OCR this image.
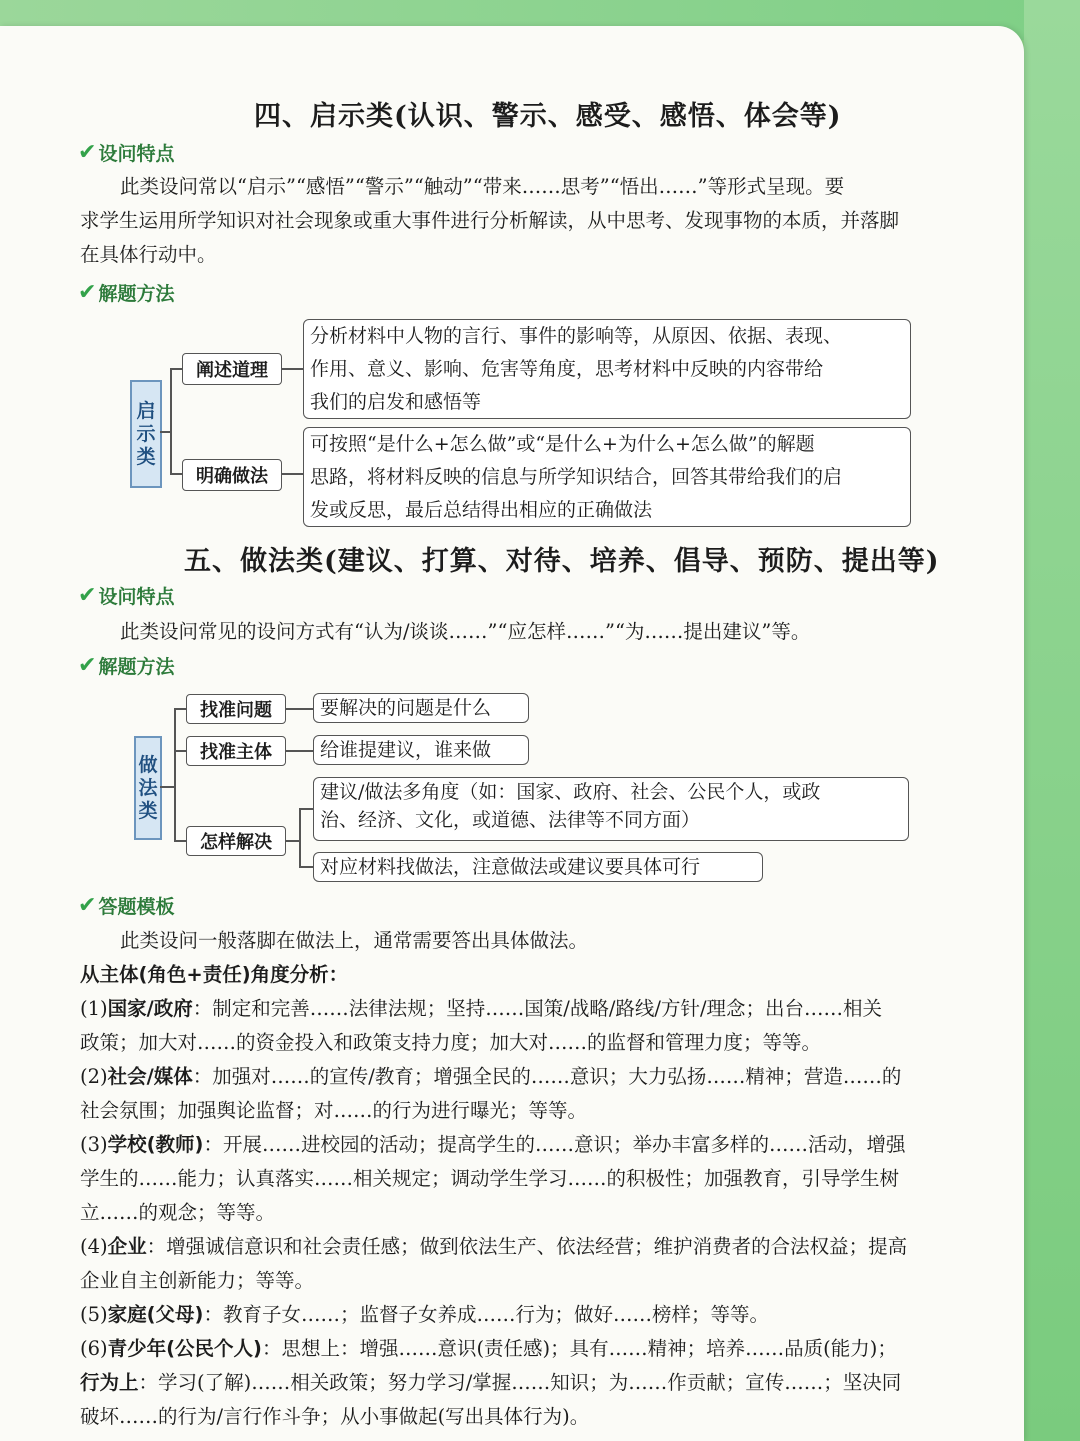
四、启示类(认识、警示、感受、感悟、体会等)
✔ 设问特点
此类设问常以“启示”“感悟”“警示”“触动”“带来……思考”“悟出……”等形式呈现。要
求学生运用所学知识对社会现象或重大事件进行分析解读，从中思考、发现事物的本质，并落脚
在具体行动中。
✔ 解题方法
启
示
类
阐述道理
分析材料中人物的言行、事件的影响等，从原因、依据、表现、
作用、意义、影响、危害等角度，思考材料中反映的内容带给
我们的启发和感悟等
明确做法
可按照“是什么+怎么做”或“是什么+为什么+怎么做”的解题
思路，将材料反映的信息与所学知识结合，回答其带给我们的启
发或反思，最后总结得出相应的正确做法
五、做法类(建议、打算、对待、培养、倡导、预防、提出等)
✔ 设问特点
此类设问常见的设问方式有“认为/谈谈……”“应怎样……”“为……提出建议”等。
✔ 解题方法
做
法
类
找准问题	要解决的问题是什么
找准主体	给谁提建议，谁来做
怎样解决
建议/做法多角度（如：国家、政府、社会、公民个人，或政
治、经济、文化，或道德、法律等不同方面）
对应材料找做法，注意做法或建议要具体可行
✔ 答题模板
此类设问一般落脚在做法上，通常需要答出具体做法。
从主体(角色+责任)角度分析：
(1)国家/政府：制定和完善……法律法规；坚持……国策/战略/路线/方针/理念；出台……相关
政策；加大对……的资金投入和政策支持力度；加大对……的监督和管理力度；等等。
(2)社会/媒体：加强对……的宣传/教育；增强全民的……意识；大力弘扬……精神；营造……的
社会氛围；加强舆论监督；对……的行为进行曝光；等等。
(3)学校(教师)：开展……进校园的活动；提高学生的……意识；举办丰富多样的……活动，增强
学生的……能力；认真落实……相关规定；调动学生学习……的积极性；加强教育，引导学生树
立……的观念；等等。
(4)企业：增强诚信意识和社会责任感；做到依法生产、依法经营；维护消费者的合法权益；提高
企业自主创新能力；等等。
(5)家庭(父母)：教育子女……；监督子女养成……行为；做好……榜样；等等。
(6)青少年(公民个人)：思想上：增强……意识(责任感)；具有……精神；培养……品质(能力)；
行为上：学习(了解)……相关政策；努力学习/掌握……知识；为……作贡献；宣传……；坚决同
破坏……的行为/言行作斗争；从小事做起(写出具体行为)。
